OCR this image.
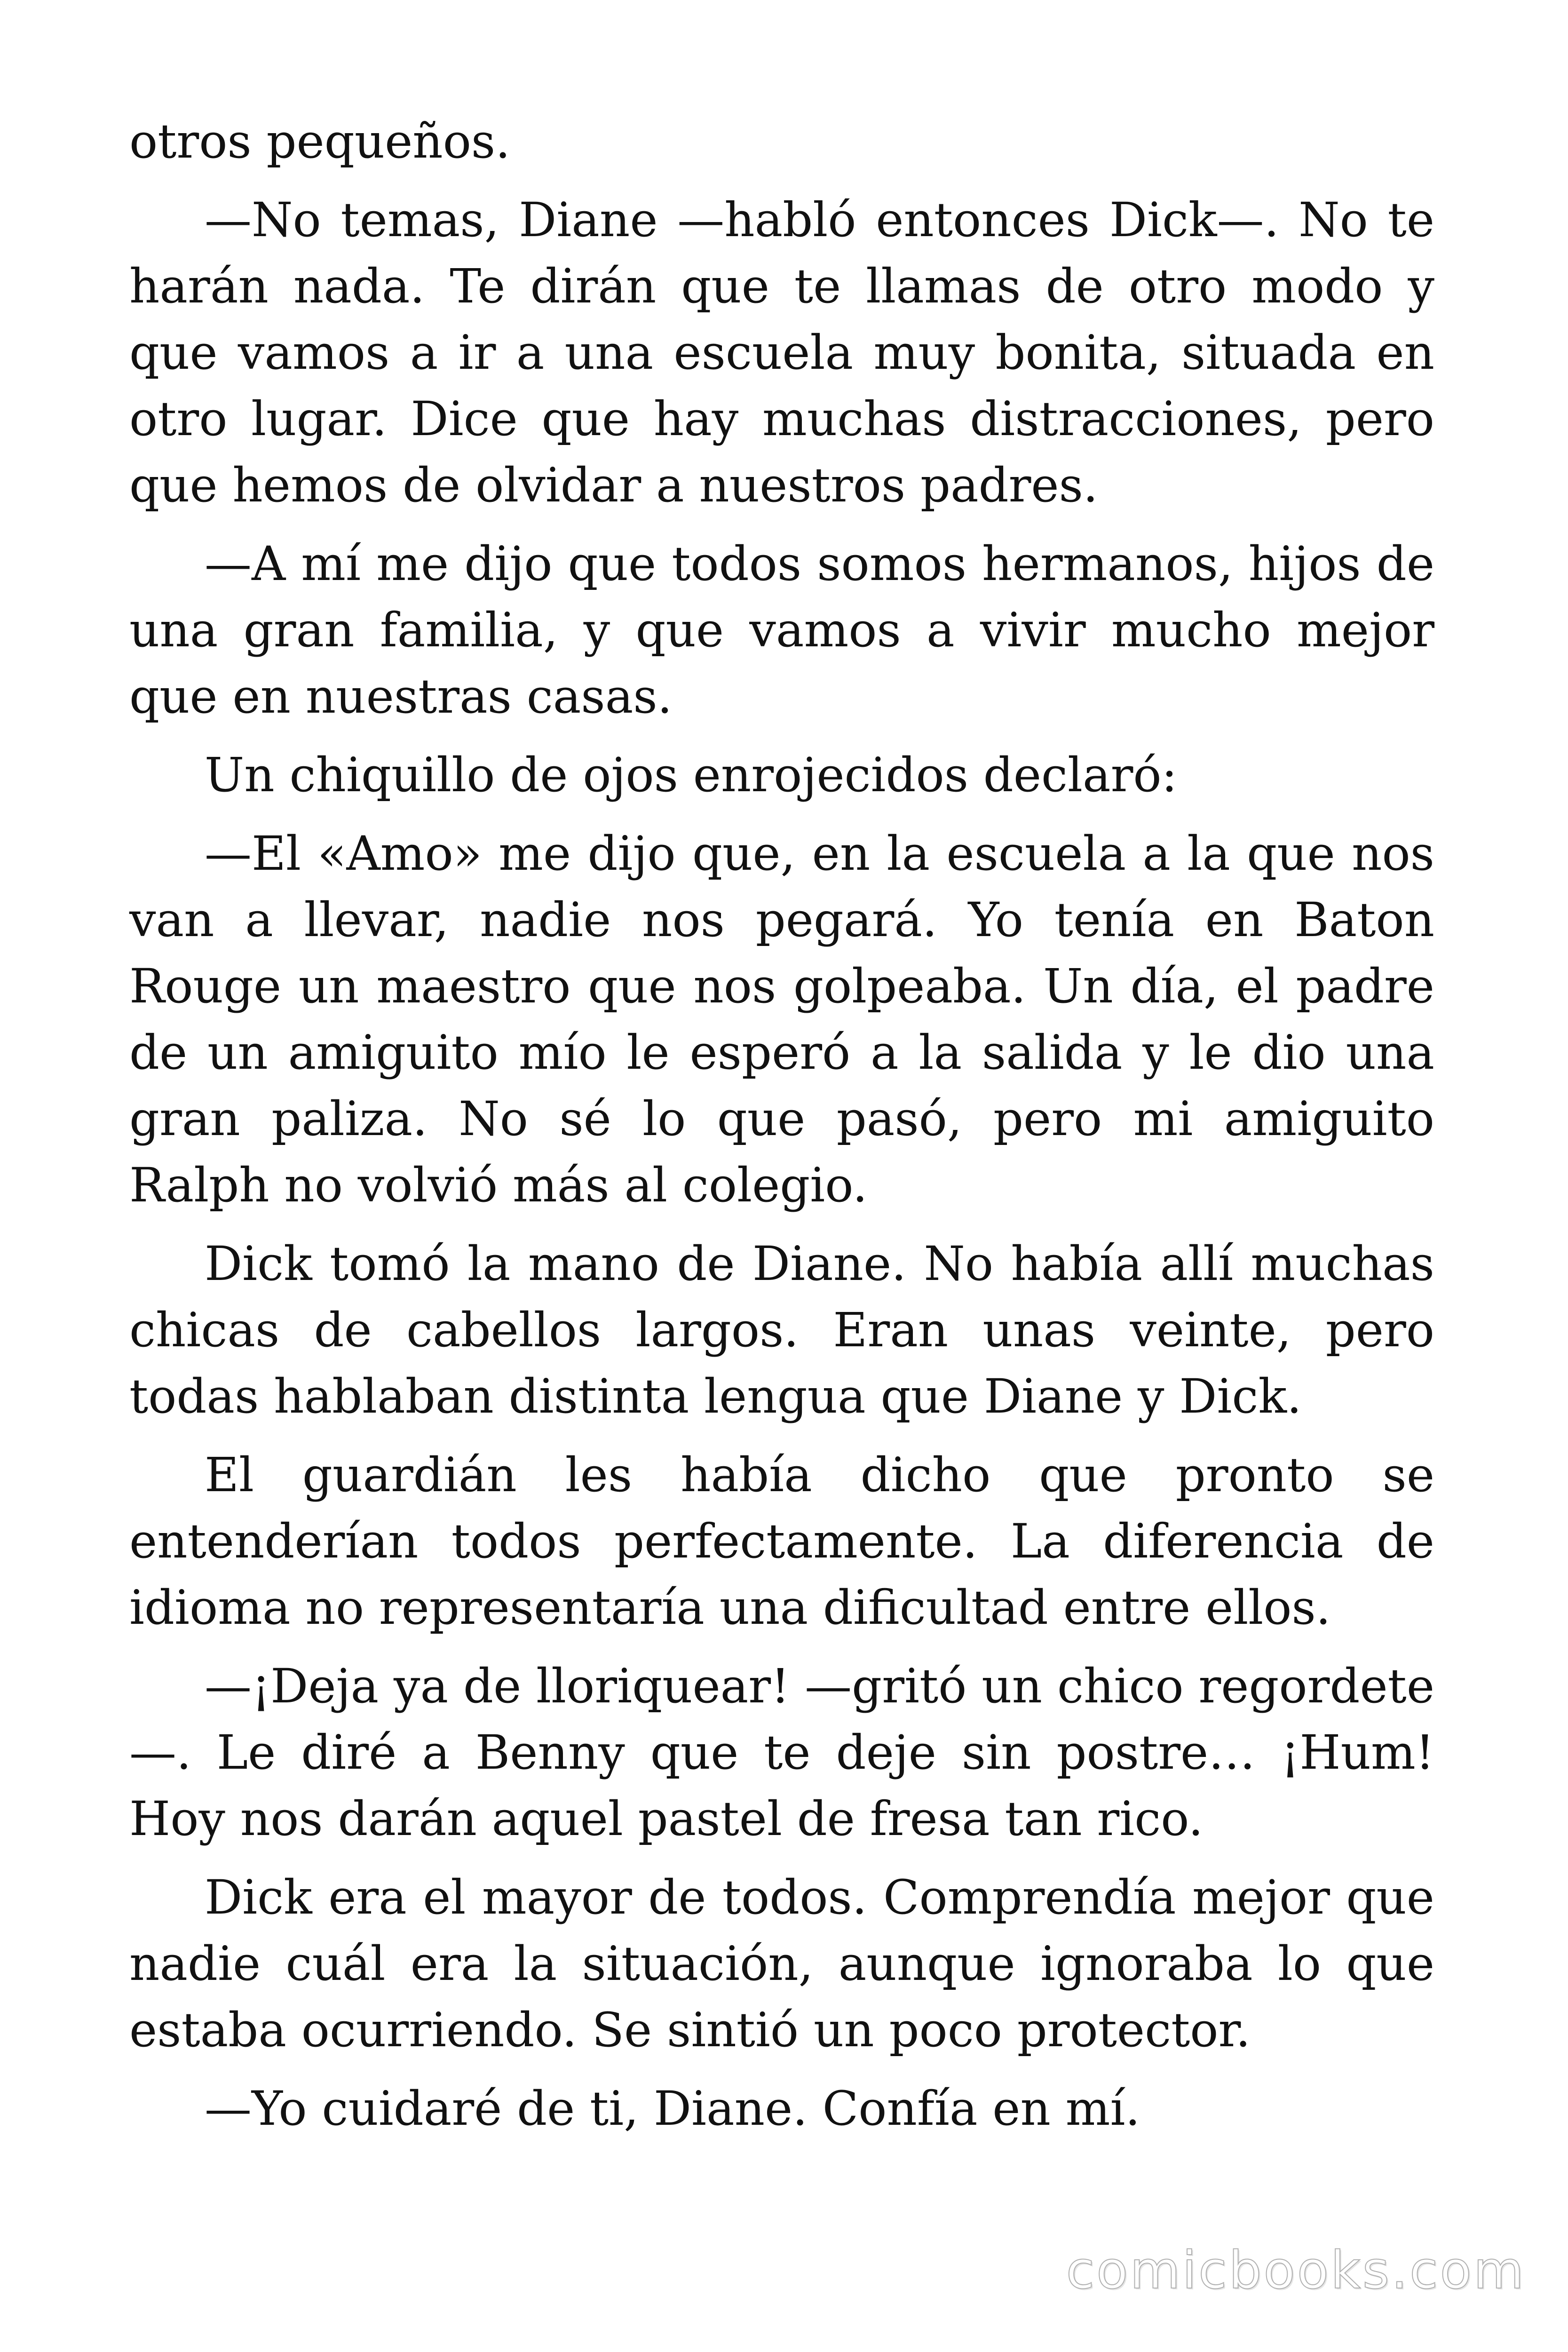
otros pequeños.

—No temas, Diane —habló entonces Dick—. No te harán nada. Te dirán que te llamas de otro modo y que vamos a ir a una escuela muy bonita, situada en otro lugar. Dice que hay muchas distracciones, pero que hemos de olvidar a nuestros padres.

—A mí me dijo que todos somos hermanos, hijos de una gran familia, y que vamos a vivir mucho mejor que en nuestras casas.

Un chiquillo de ojos enrojecidos declaró:

—El «Amo» me dijo que, en la escuela a la que nos van a llevar, nadie nos pegará. Yo tenía en Baton Rouge un maestro que nos golpeaba. Un día, el padre de un amiguito mío le esperó a la salida y le dio una gran paliza. No sé lo que pasó, pero mi amiguito Ralph no volvió más al colegio.

Dick tomó la mano de Diane. No había allí muchas chicas de cabellos largos. Eran unas veinte, pero todas hablaban distinta lengua que Diane y Dick.

El guardián les había dicho que pronto se entenderían todos perfectamente. La diferencia de idioma no representaría una dificultad entre ellos.

—¡Deja ya de lloriquear! —gritó un chico regordete—. Le diré a Benny que te deje sin postre… ¡Hum! Hoy nos darán aquel pastel de fresa tan rico.

Dick era el mayor de todos. Comprendía mejor que nadie cuál era la situación, aunque ignoraba lo que estaba ocurriendo. Se sintió un poco protector.

—Yo cuidaré de ti, Diane. Confía en mí.

comicbooks.com
